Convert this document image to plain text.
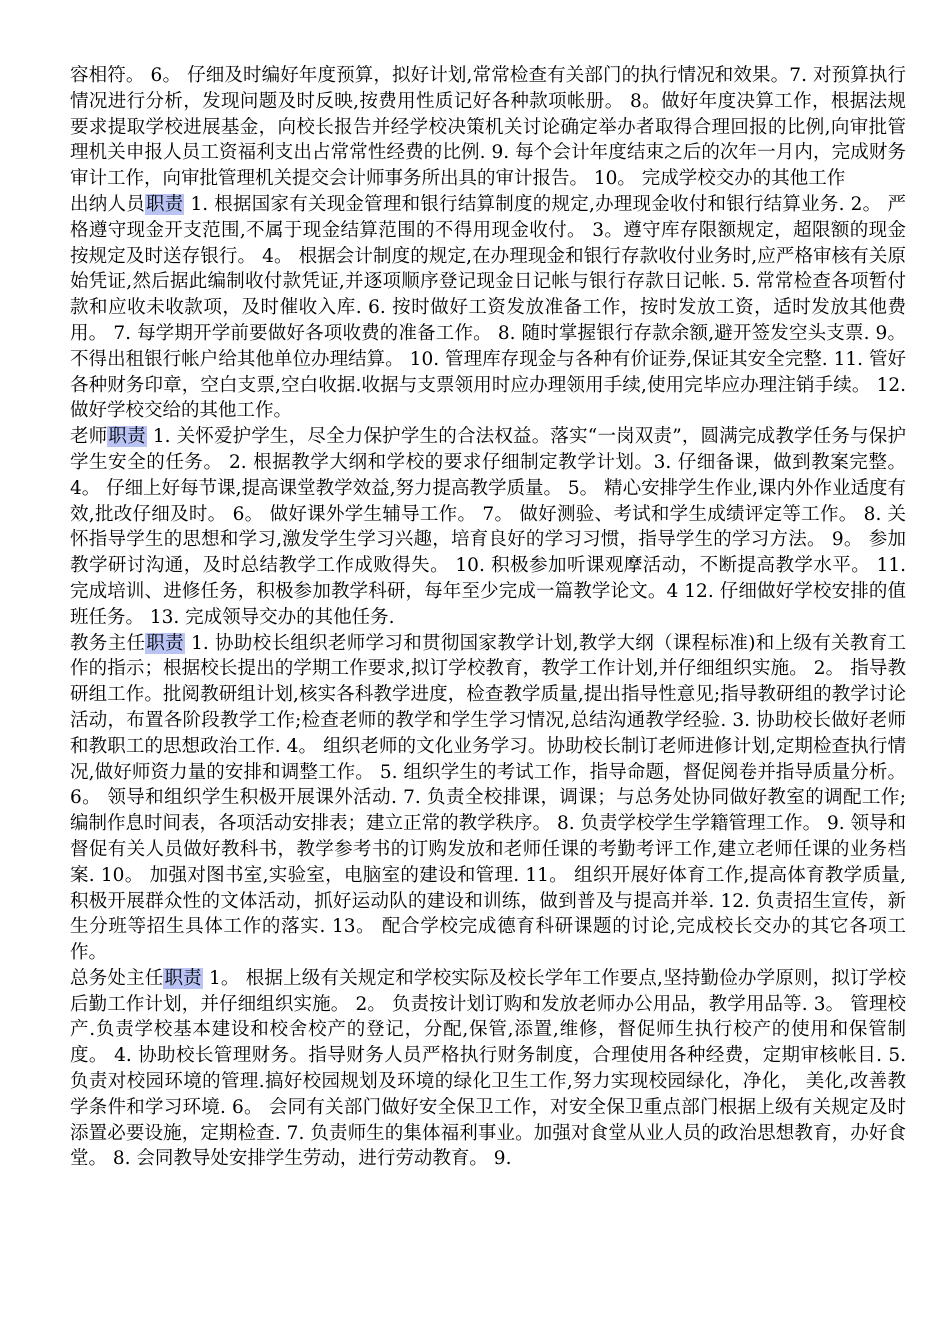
容相符。 6。 仔细及时编好年度预算，拟好计划,常常检查有关部门的执行情况和效果。7. 对预算执行情况进行分析，发现问题及时反映,按费用性质记好各种款项帐册。 8。做好年度决算工作，根据法规要求提取学校进展基金，向校长报告并经学校决策机关讨论确定举办者取得合理回报的比例,向审批管理机关申报人员工资福利支出占常常性经费的比例. 9. 每个会计年度结束之后的次年一月内，完成财务审计工作，向审批管理机关提交会计师事务所出具的审计报告。 10。 完成学校交办的其他工作

出纳人员职责 1. 根据国家有关现金管理和银行结算制度的规定,办理现金收付和银行结算业务. 2。 严格遵守现金开支范围,不属于现金结算范围的不得用现金收付。 3。遵守库存限额规定，超限额的现金按规定及时送存银行。 4。 根据会计制度的规定,在办理现金和银行存款收付业务时,应严格审核有关原始凭证,然后据此编制收付款凭证,并逐项顺序登记现金日记帐与银行存款日记帐. 5. 常常检查各项暂付款和应收未收款项，及时催收入库. 6. 按时做好工资发放准备工作，按时发放工资，适时发放其他费用。 7. 每学期开学前要做好各项收费的准备工作。 8. 随时掌握银行存款余额,避开签发空头支票. 9。 不得出租银行帐户给其他单位办理结算。 10. 管理库存现金与各种有价证券,保证其安全完整. 11. 管好各种财务印章，空白支票,空白收据.收据与支票领用时应办理领用手续,使用完毕应办理注销手续。 12. 做好学校交给的其他工作。

老师职责 1. 关怀爱护学生，尽全力保护学生的合法权益。落实“一岗双责”，圆满完成教学任务与保护学生安全的任务。 2. 根据教学大纲和学校的要求仔细制定教学计划。3. 仔细备课，做到教案完整。 4。 仔细上好每节课,提高课堂教学效益,努力提高教学质量。 5。 精心安排学生作业,课内外作业适度有效,批改仔细及时。 6。 做好课外学生辅导工作。 7。 做好测验、考试和学生成绩评定等工作。 8. 关怀指导学生的思想和学习,激发学生学习兴趣，培育良好的学习习惯，指导学生的学习方法。 9。 参加教学研讨沟通，及时总结教学工作成败得失。 10. 积极参加听课观摩活动，不断提高教学水平。 11. 完成培训、进修任务，积极参加教学科研，每年至少完成一篇教学论文。4 12. 仔细做好学校安排的值班任务。 13. 完成领导交办的其他任务.

教务主任职责 1. 协助校长组织老师学习和贯彻国家教学计划,教学大纲（课程标准)和上级有关教育工作的指示；根据校长提出的学期工作要求,拟订学校教育，教学工作计划,并仔细组织实施。 2。 指导教研组工作。批阅教研组计划,核实各科教学进度，检查教学质量,提出指导性意见;指导教研组的教学讨论活动，布置各阶段教学工作;检查老师的教学和学生学习情况,总结沟通教学经验. 3. 协助校长做好老师和教职工的思想政治工作. 4。 组织老师的文化业务学习。协助校长制订老师进修计划,定期检查执行情况,做好师资力量的安排和调整工作。 5. 组织学生的考试工作，指导命题，督促阅卷并指导质量分析。 6。 领导和组织学生积极开展课外活动. 7. 负责全校排课，调课；与总务处协同做好教室的调配工作;编制作息时间表，各项活动安排表；建立正常的教学秩序。 8. 负责学校学生学籍管理工作。 9. 领导和督促有关人员做好教科书，教学参考书的订购发放和老师任课的考勤考评工作,建立老师任课的业务档案. 10。 加强对图书室,实验室，电脑室的建设和管理. 11。 组织开展好体育工作,提高体育教学质量,积极开展群众性的文体活动，抓好运动队的建设和训练，做到普及与提高并举. 12. 负责招生宣传，新生分班等招生具体工作的落实. 13。 配合学校完成德育科研课题的讨论,完成校长交办的其它各项工作。

总务处主任职责 1。 根据上级有关规定和学校实际及校长学年工作要点,坚持勤俭办学原则，拟订学校后勤工作计划，并仔细组织实施。 2。 负责按计划订购和发放老师办公用品，教学用品等. 3。 管理校产.负责学校基本建设和校舍校产的登记，分配,保管,添置,维修，督促师生执行校产的使用和保管制度。 4. 协助校长管理财务。指导财务人员严格执行财务制度，合理使用各种经费，定期审核帐目. 5. 负责对校园环境的管理.搞好校园规划及环境的绿化卫生工作,努力实现校园绿化，净化， 美化,改善教学条件和学习环境. 6。 会同有关部门做好安全保卫工作，对安全保卫重点部门根据上级有关规定及时添置必要设施，定期检查. 7. 负责师生的集体福利事业。加强对食堂从业人员的政治思想教育，办好食堂。 8. 会同教导处安排学生劳动，进行劳动教育。 9.
